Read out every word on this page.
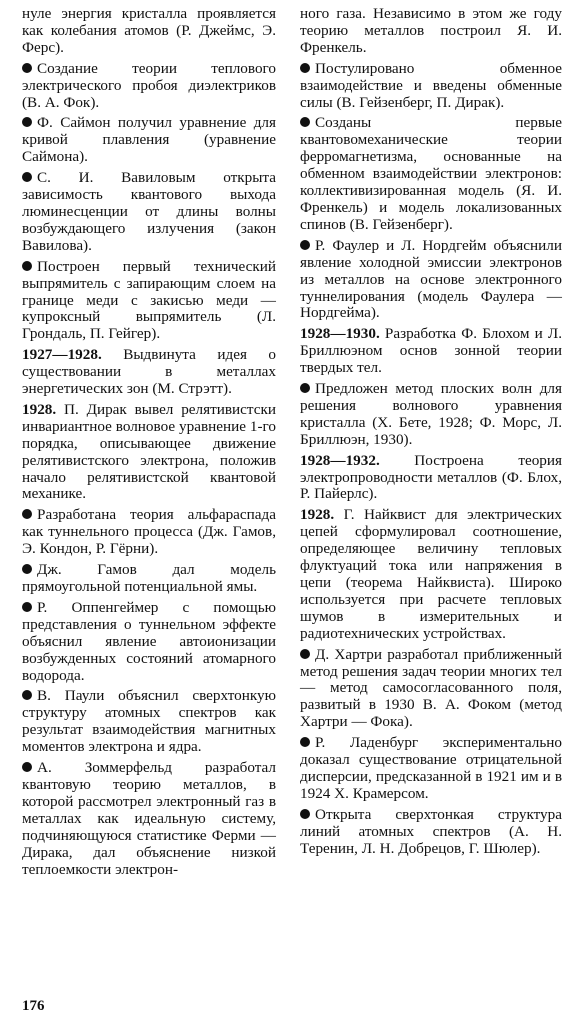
нуле энергия кристалла проявляется как колебания атомов (Р. Джеймс, Э. Ферс).

Создание теории теплового электрического пробоя диэлектриков (В. А. Фок).

Ф. Саймон получил уравнение для кривой плавления (уравнение Саймона).

С. И. Вавиловым открыта зависимость квантового выхода люминесценции от длины волны возбуждающего излучения (закон Вавилова).

Построен первый технический выпрямитель с запирающим слоем на границе меди с закисью меди — купроксный выпрямитель (Л. Грондаль, П. Гейгер).

1927—1928. Выдвинута идея о существовании в металлах энергетических зон (М. Стрэтт).

1928. П. Дирак вывел релятивистски инвариантное волновое уравнение 1-го порядка, описывающее движение релятивистского электрона, положив начало релятивистской квантовой механике.

Разработана теория альфараспада как туннельного процесса (Дж. Гамов, Э. Кондон, Р. Гёрни).

Дж. Гамов дал модель прямоугольной потенциальной ямы.

Р. Оппенгеймер с помощью представления о туннельном эффекте объяснил явление автоионизации возбужденных состояний атомарного водорода.

В. Паули объяснил сверхтонкую структуру атомных спектров как результат взаимодействия магнитных моментов электрона и ядра.

А. Зоммерфельд разработал квантовую теорию металлов, в которой рассмотрел электронный газ в металлах как идеальную систему, подчиняющуюся статистике Ферми — Дирака, дал объяснение низкой теплоемкости электрон-

ного газа. Независимо в этом же году теорию металлов построил Я. И. Френкель.

Постулировано обменное взаимодействие и введены обменные силы (В. Гейзенберг, П. Дирак).

Созданы первые квантовомеханические теории ферромагнетизма, основанные на обменном взаимодействии электронов: коллективизированная модель (Я. И. Френкель) и модель локализованных спинов (В. Гейзенберг).

Р. Фаулер и Л. Нордгейм объяснили явление холодной эмиссии электронов из металлов на основе электронного туннелирования (модель Фаулера — Нордгейма).

1928—1930. Разработка Ф. Блохом и Л. Бриллюэном основ зонной теории твердых тел.

Предложен метод плоских волн для решения волнового уравнения кристалла (Х. Бете, 1928; Ф. Морс, Л. Бриллюэн, 1930).

1928—1932. Построена теория электропроводности металлов (Ф. Блох, Р. Пайерлс).

1928. Г. Найквист для электрических цепей сформулировал соотношение, определяющее величину тепловых флуктуаций тока или напряжения в цепи (теорема Найквиста). Широко используется при расчете тепловых шумов в измерительных и радиотехнических устройствах.

Д. Хартри разработал приближенный метод решения задач теории многих тел — метод самосогласованного поля, развитый в 1930 В. А. Фоком (метод Хартри — Фока).

Р. Ладенбург экспериментально доказал существование отрицательной дисперсии, предсказанной в 1921 им и в 1924 Х. Крамерсом.

Открыта сверхтонкая структура линий атомных спектров (А. Н. Теренин, Л. Н. Добрецов, Г. Шюлер).

176
